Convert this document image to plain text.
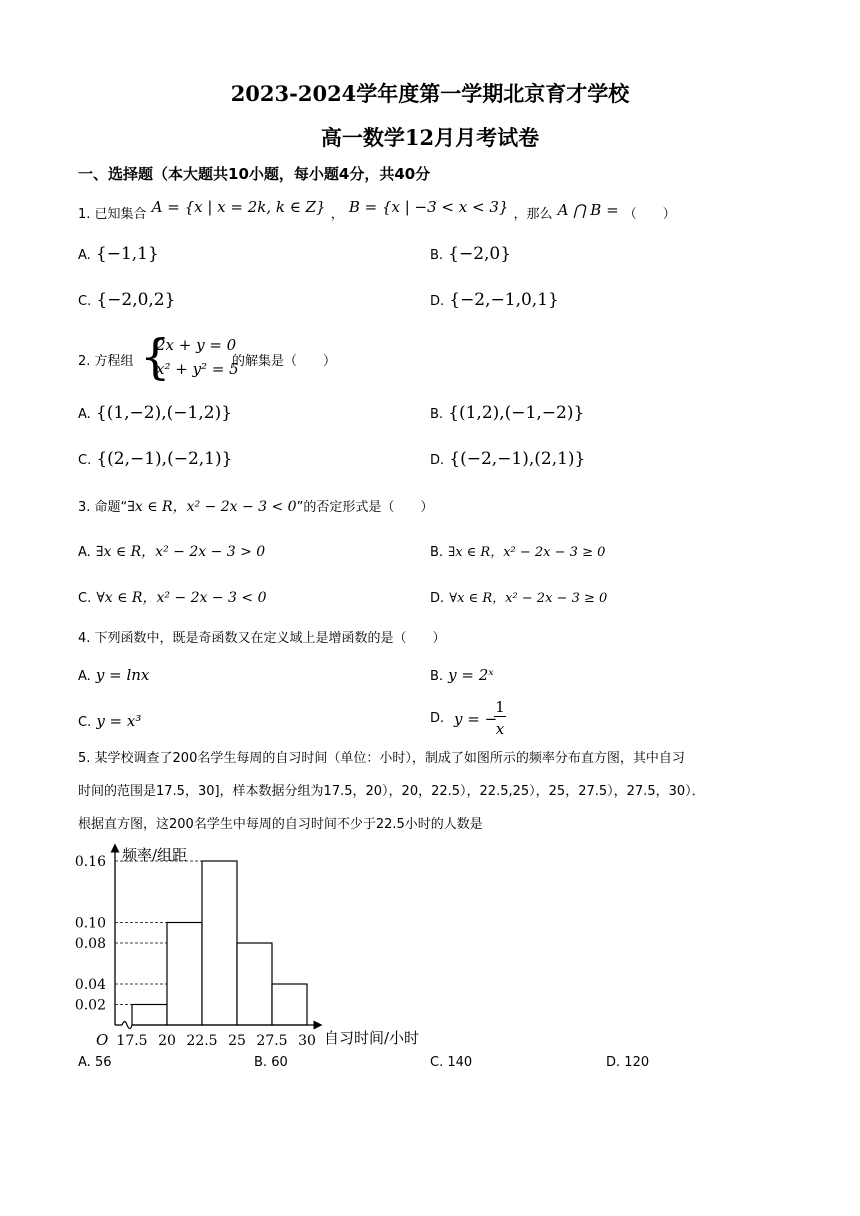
2023-2024学年度第一学期北京育才学校
高一数学12月月考试卷
一、选择题（本大题共10小题，每小题4分，共40分
1. 已知集合 A = {x | x = 2k, k ∈ Z} ， B = {x | −3 < x < 3} ，那么 A ⋂ B = （　　）
A. {−1,1}	B. {−2,0}
C. {−2,0,2}	D. {−2,−1,0,1}
2. 方程组 {
2x + y = 0
x² + y² = 5
的解集是（　　）
A. {(1,−2),(−1,2)}	B. {(1,2),(−1,−2)}
C. {(2,−1),(−2,1)}	D. {(−2,−1),(2,1)}
3. 命题“∃x ∈ R，x² − 2x − 3 < 0”的否定形式是（　　）
A. ∃x ∈ R，x² − 2x − 3 > 0	B. ∃x ∈ R，x² − 2x − 3 ≥ 0
C. ∀x ∈ R，x² − 2x − 3 < 0	D. ∀x ∈ R，x² − 2x − 3 ≥ 0
4. 下列函数中，既是奇函数又在定义域上是增函数的是（　　）
A. y = lnx	B. y = 2ˣ
C. y = x³	D. y = −
1
x
5. 某学校调查了200名学生每周的自习时间（单位：小时），制成了如图所示的频率分布直方图，其中自习
时间的范围是17.5，30]，样本数据分组为17.5，20），20，22.5），22.5,25），25，27.5），27.5，30）．
根据直方图，这200名学生中每周的自习时间不少于22.5小时的人数是
0.16
0.10
0.08
0.04
0.02
17.5 20 22.5 25 27.5 30
O
频率/组距
自习时间/小时
A. 56	B. 60	C. 140	D. 120
